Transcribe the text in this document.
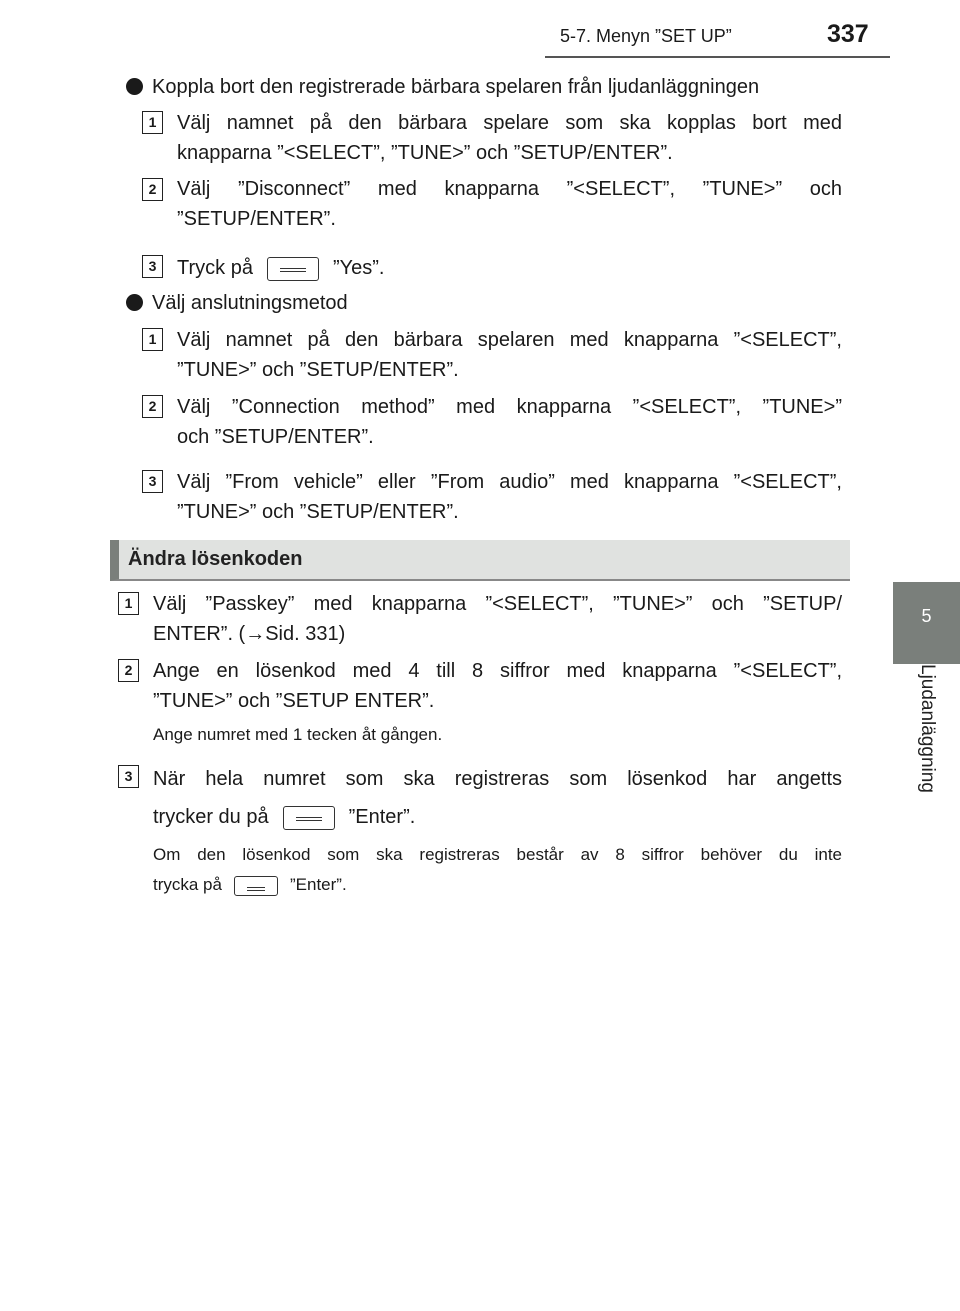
5-7. Menyn ”SET UP”	337
5
Ljudanläggning
Koppla bort den registrerade bärbara spelaren från ljudanläggningen
1	Välj namnet på den bärbara spelare som ska kopplas bort med
knapparna ”<SELECT”, ”TUNE>” och ”SETUP/ENTER”.
2	Välj ”Disconnect” med knapparna ”<SELECT”, ”TUNE>” och
”SETUP/ENTER”.
3	Tryck på	”Yes”.
Välj anslutningsmetod
1	Välj namnet på den bärbara spelaren med knapparna ”<SELECT”,
”TUNE>” och ”SETUP/ENTER”.
2	Välj ”Connection method” med knapparna ”<SELECT”, ”TUNE>”
och ”SETUP/ENTER”.
3	Välj ”From vehicle” eller ”From audio” med knapparna ”<SELECT”,
”TUNE>” och ”SETUP/ENTER”.
Ändra lösenkoden
1	Välj ”Passkey” med knapparna ”<SELECT”, ”TUNE>” och ”SETUP/
ENTER”. (→Sid. 331)
2	Ange en lösenkod med 4 till 8 siffror med knapparna ”<SELECT”,
”TUNE>” och ”SETUP ENTER”.
Ange numret med 1 tecken åt gången.
3	När hela numret som ska registreras som lösenkod har angetts
trycker du på	”Enter”.
Om den lösenkod som ska registreras består av 8 siffror behöver du inte
trycka på	”Enter”.
